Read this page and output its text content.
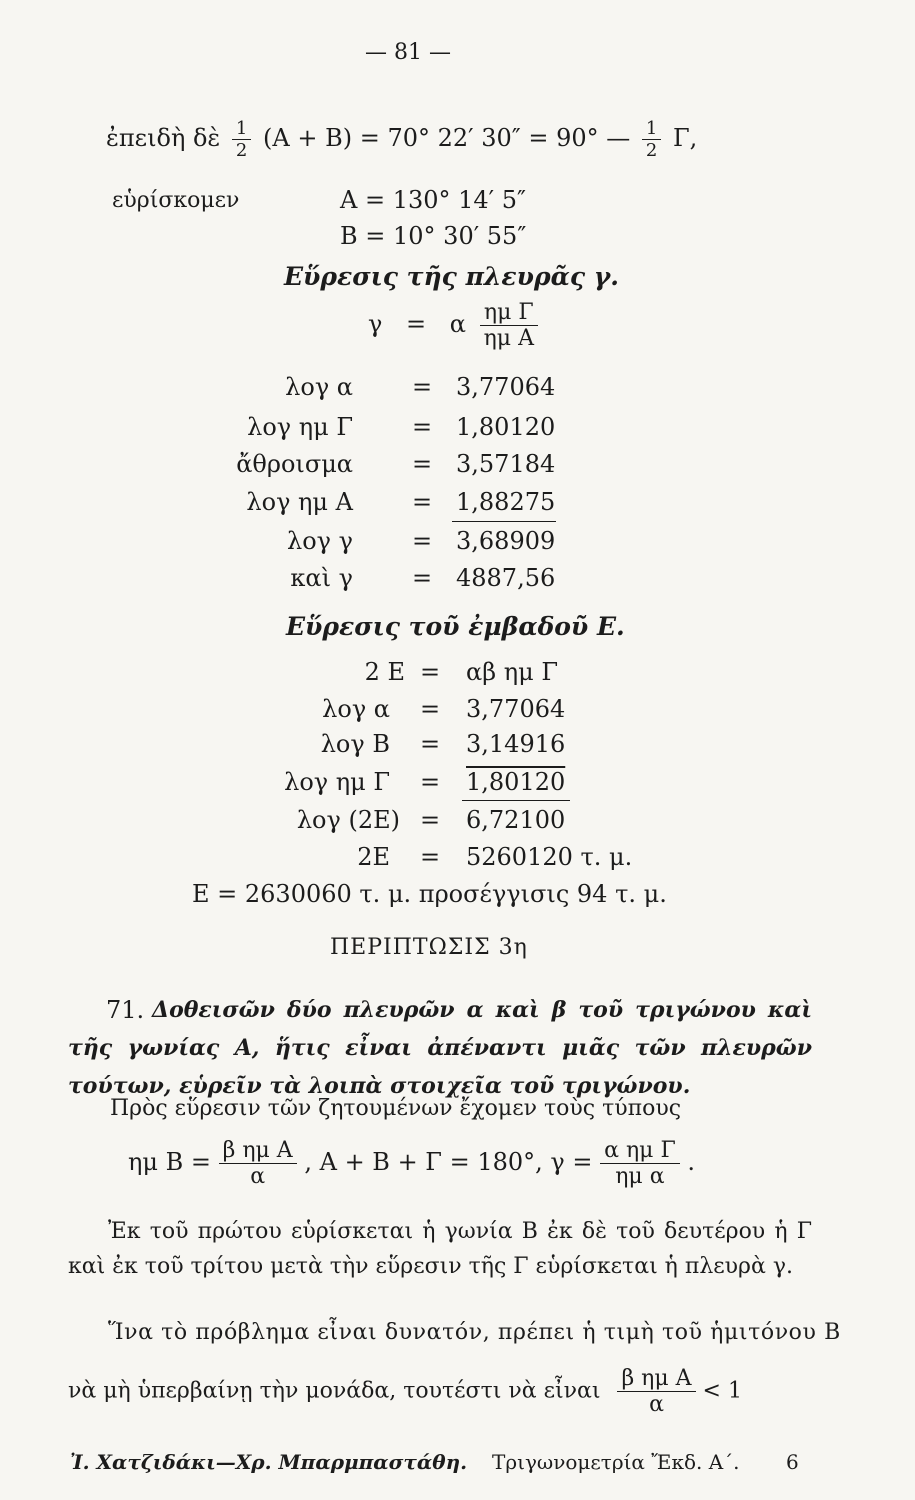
— 81 —
ἐπειδὴ δὲ $\frac{1}{2} (A + B) = 70^\circ$ 22′ 30″ = 90° — $\frac{1}{2} \Gamma$,
εὑρίσκομεν	A = 130° 14′ 5″
B = 10° 30′ 55″
Εὕρεσις τῆς πλευρᾶς γ.
γ = α $\frac{\text{ημ Γ}}{\text{ημ A}}$
λογ α = 3,77064
λογ ημ Γ = 1,80120
ἄθροισμα = 3,57184
λογ ημ A = 1,88275
λογ γ = 3,68909
καὶ γ = 4887,56
Εὕρεσις τοῦ ἐμβαδοῦ Ε.
2 E = αβ ημ Γ
λογ α = 3,77064
λογ B = 3,14916
λογ ημ Γ = 1,80120
λογ (2E) = 6,72100
2E = 5260120 τ. μ.
E = 2630060 τ. μ. προσέγγισις 94 τ. μ.
ΠΕΡΙΠΤΩΣΙΣ 3η
71. Δοθεισῶν δύο πλευρῶν α καὶ β τοῦ τριγώνου καὶ τῆς γωνίας A, ἥτις εἶναι ἀπέναντι μιᾶς τῶν πλευρῶν τούτων, εὑρεῖν τὰ λοιπὰ στοιχεῖα τοῦ τριγώνου.

Πρὸς εὕρεσιν τῶν ζητουμένων ἔχομεν τοὺς τύπους
ημ $B = \frac{\text{β ημ A}}{\alpha}$ , A + B + Γ = 180°, $\gamma = \frac{\text{α ημ Γ}}{\text{ημ α}}$ .

Ἐκ τοῦ πρώτου εὑρίσκεται ἡ γωνία B ἐκ δὲ τοῦ δευτέρου ἡ Γ καὶ ἐκ τοῦ τρίτου μετὰ τὴν εὕρεσιν τῆς Γ εὑρίσκεται ἡ πλευρὰ γ.

Ἵνα τὸ πρόβλημα εἶναι δυνατόν, πρέπει ἡ τιμὴ τοῦ ἡμιτόνου B
νὰ μὴ ὑπερβαίνῃ τὴν μονάδα, τουτέστι νὰ εἶναι $\frac{\text{β ημ A}}{\alpha} < 1$
Ἰ. Χατζιδάκι—Χρ. Μπαρμπαστάθη. Τριγωνομετρία Ἔκδ. Α΄. 6
